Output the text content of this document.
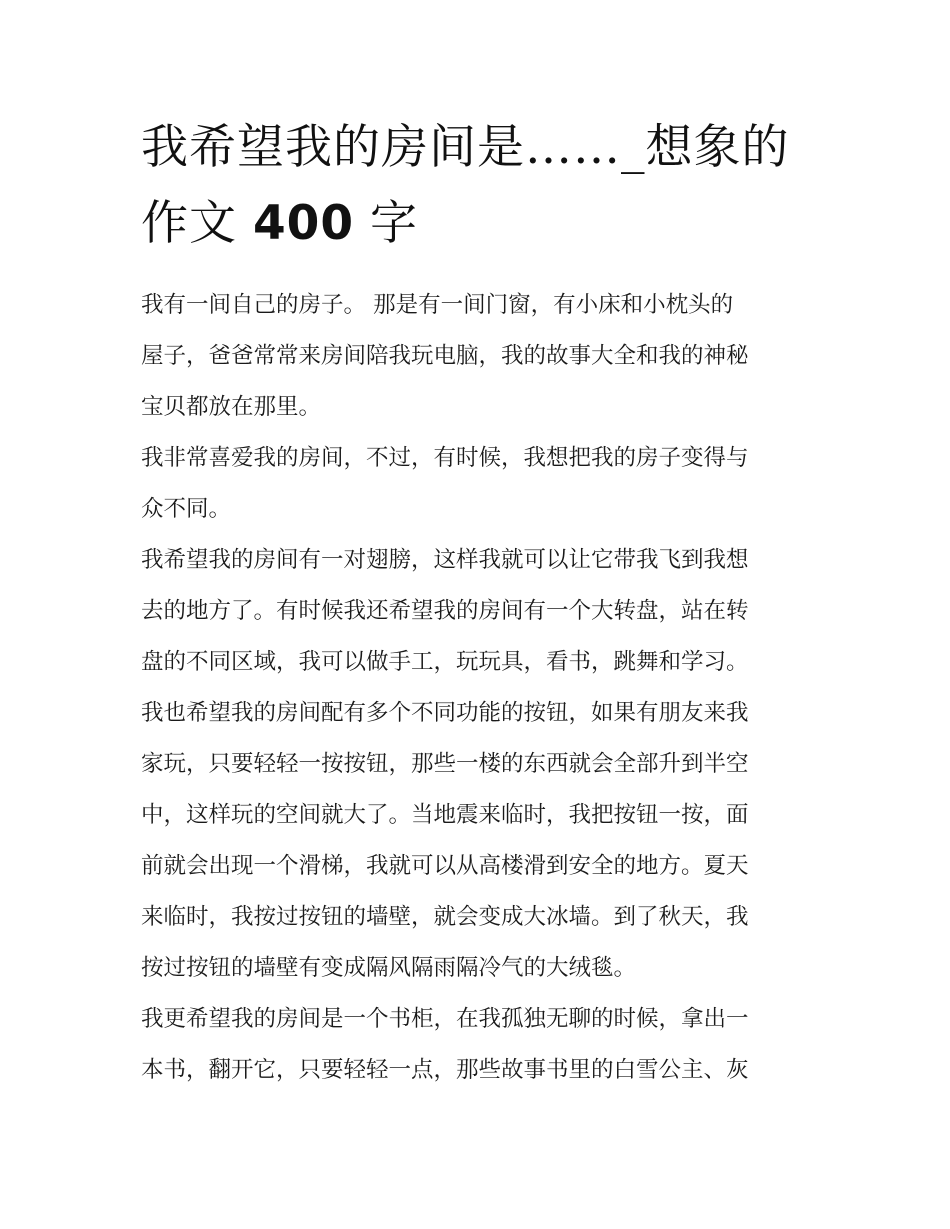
我希望我的房间是……_想象的
作文 400 字

我有一间自己的房子。 那是有一间门窗，有小床和小枕头的
屋子，爸爸常常来房间陪我玩电脑，我的故事大全和我的神秘
宝贝都放在那里。

我非常喜爱我的房间，不过，有时候，我想把我的房子变得与
众不同。

我希望我的房间有一对翅膀，这样我就可以让它带我飞到我想
去的地方了。有时候我还希望我的房间有一个大转盘，站在转
盘的不同区域，我可以做手工，玩玩具，看书，跳舞和学习。

我也希望我的房间配有多个不同功能的按钮，如果有朋友来我
家玩，只要轻轻一按按钮，那些一楼的东西就会全部升到半空
中，这样玩的空间就大了。当地震来临时，我把按钮一按，面
前就会出现一个滑梯，我就可以从高楼滑到安全的地方。夏天
来临时，我按过按钮的墙壁，就会变成大冰墙。到了秋天，我
按过按钮的墙壁有变成隔风隔雨隔冷气的大绒毯。

我更希望我的房间是一个书柜，在我孤独无聊的时候，拿出一
本书，翻开它，只要轻轻一点，那些故事书里的白雪公主、灰
